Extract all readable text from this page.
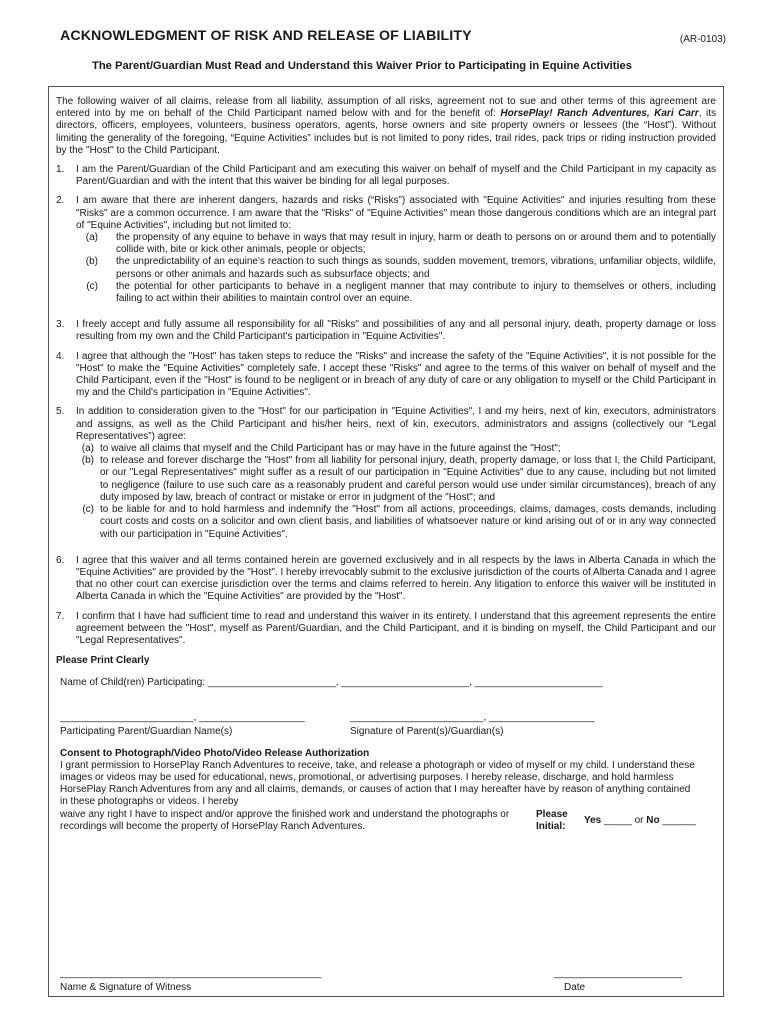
ACKNOWLEDGMENT OF RISK AND RELEASE OF LIABILITY	(AR-0103)
The Parent/Guardian Must Read and Understand this Waiver Prior to Participating in Equine Activities

The following waiver of all claims, release from all liability, assumption of all risks, agreement not to sue and other terms of this agreement are entered into by me on behalf of the Child Participant named below with and for the benefit of: HorsePlay! Ranch Adventures, Kari Carr, its directors, officers, employees, volunteers, business operators, agents, horse owners and site property owners or lessees (the “Host”). Without limiting the generality of the foregoing, “Equine Activities” includes but is not limited to pony rides, trail rides, pack trips or riding instruction provided by the "Host" to the Child Participant.

1.	I am the Parent/Guardian of the Child Participant and am executing this waiver on behalf of myself and the Child Participant in my capacity as Parent/Guardian and with the intent that this waiver be binding for all legal purposes.
2.	I am aware that there are inherent dangers, hazards and risks (“Risks”) associated with "Equine Activities" and injuries resulting from these "Risks" are a common occurrence. I am aware that the "Risks" of "Equine Activities" mean those dangerous conditions which are an integral part of "Equine Activities", including but not limited to:
(a)	the propensity of any equine to behave in ways that may result in injury, harm or death to persons on or around them and to potentially collide with, bite or kick other animals, people or objects;
(b)	the unpredictability of an equine's reaction to such things as sounds, sudden movement, tremors, vibrations, unfamiliar objects, wildlife, persons or other animals and hazards such as subsurface objects; and
(c)	the potential for other participants to behave in a negligent manner that may contribute to injury to themselves or others, including failing to act within their abilities to maintain control over an equine.
3.	I freely accept and fully assume all responsibility for all "Risks" and possibilities of any and all personal injury, death, property damage or loss resulting from my own and the Child Participant's participation in "Equine Activities".
4.	I agree that although the "Host" has taken steps to reduce the "Risks" and increase the safety of the "Equine Activities", it is not possible for the "Host" to make the "Equine Activities" completely safe. I accept these "Risks" and agree to the terms of this waiver on behalf of myself and the Child Participant, even if the "Host" is found to be negligent or in breach of any duty of care or any obligation to myself or the Child Participant in my and the Child's participation in "Equine Activities".
5.	In addition to consideration given to the "Host" for our participation in "Equine Activities", I and my heirs, next of kin, executors, administrators and assigns, as well as the Child Participant and his/her heirs, next of kin, executors, administrators and assigns (collectively our “Legal Representatives”) agree:
(a) to waive all claims that myself and the Child Participant has or may have in the future against the "Host";
(b) to release and forever discharge the "Host" from all liability for personal injury, death, property damage, or loss that I, the Child Participant, or our "Legal Representatives" might suffer as a result of our participation in "Equine Activities" due to any cause, including but not limited to negligence (failure to use such care as a reasonably prudent and careful person would use under similar circumstances), breach of any duty imposed by law, breach of contract or mistake or error in judgment of the "Host"; and
(c) to be liable for and to hold harmless and indemnify the "Host" from all actions, proceedings, claims, damages, costs demands, including court costs and costs on a solicitor and own client basis, and liabilities of whatsoever nature or kind arising out of or in any way connected with our participation in "Equine Activities".
6.	I agree that this waiver and all terms contained herein are governed exclusively and in all respects by the laws in Alberta Canada in which the "Equine Activities" are provided by the "Host". I hereby irrevocably submit to the exclusive jurisdiction of the courts of Alberta Canada and I agree that no other court can exercise jurisdiction over the terms and claims referred to herein. Any litigation to enforce this waiver will be instituted in Alberta Canada in which the "Equine Activities" are provided by the "Host".
7.	I confirm that I have had sufficient time to read and understand this waiver in its entirety. I understand that this agreement represents the entire agreement between the "Host", myself as Parent/Guardian, and the Child Participant, and it is binding on myself, the Child Participant and our "Legal Representatives".

Please Print Clearly

Name of Child(ren) Participating: _______________________, _______________________, _______________________

________________________, ___________________	________________________, ___________________
Participating Parent/Guardian Name(s)	Signature of Parent(s)/Guardian(s)

Consent to Photograph/Video Photo/Video Release Authorization

I grant permission to HorsePlay Ranch Adventures to receive, take, and release a photograph or video of myself or my child. I understand these images or videos may be used for educational, news, promotional, or advertising purposes. I hereby release, discharge, and hold harmless HorsePlay Ranch Adventures from any and all claims, demands, or causes of action that I may hereafter have by reason of anything contained in these photographs or videos. I hereby

waive any right I have to inspect and/or approve the finished work and understand the photographs or recordings will become the property of HorsePlay Ranch Adventures.
Please
Initial:
Yes _____ or No ______
_______________________________________________	_______________________
Name & Signature of Witness	Date
